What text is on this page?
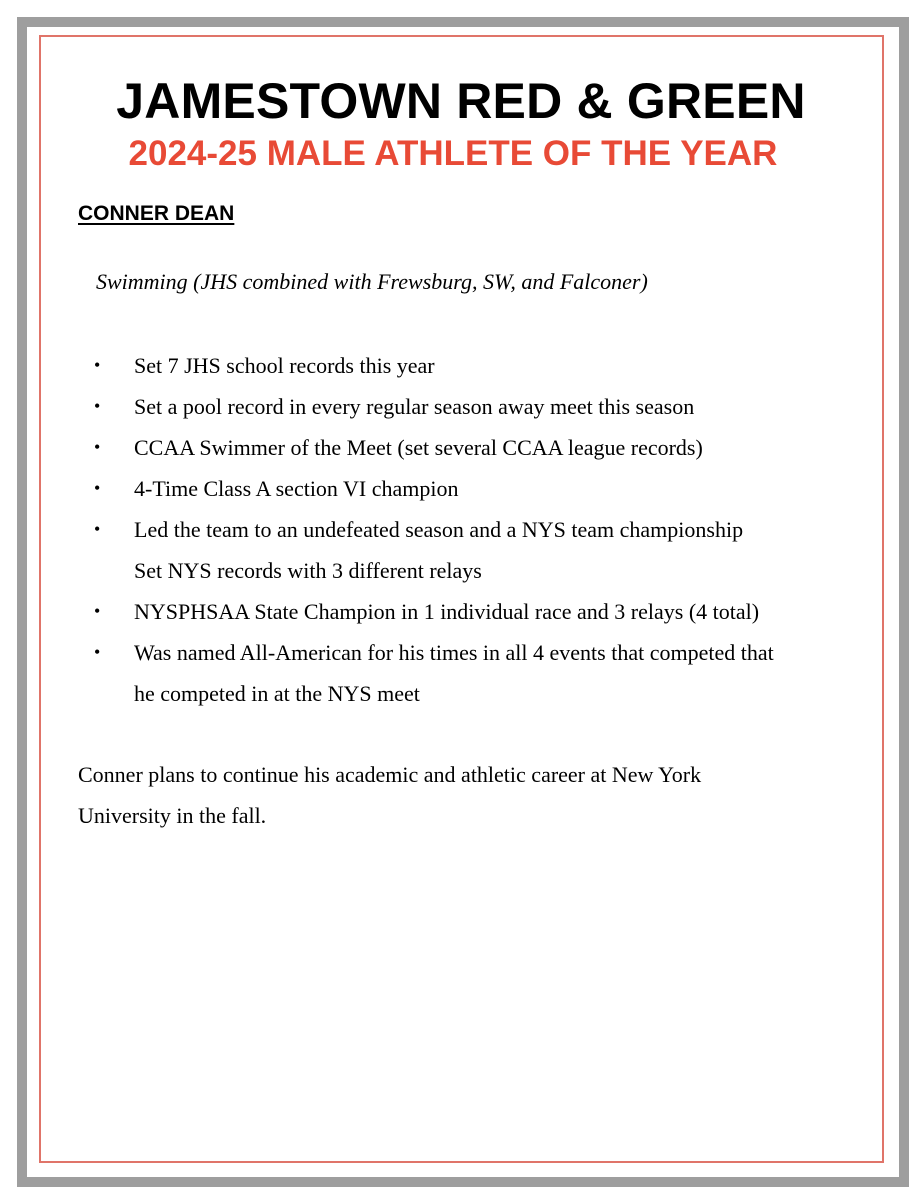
JAMESTOWN RED & GREEN
2024-25 MALE ATHLETE OF THE YEAR
CONNER DEAN
Swimming (JHS combined with Frewsburg, SW, and Falconer)
• Set 7 JHS school records this year
• Set a pool record in every regular season away meet this season
• CCAA Swimmer of the Meet (set several CCAA league records)
• 4-Time Class A section VI champion
• Led the team to an undefeated season and a NYS team championship
Set NYS records with 3 different relays
• NYSPHSAA State Champion in 1 individual race and 3 relays (4 total)
• Was named All-American for his times in all 4 events that competed that
he competed in at the NYS meet

Conner plans to continue his academic and athletic career at New York
University in the fall.
